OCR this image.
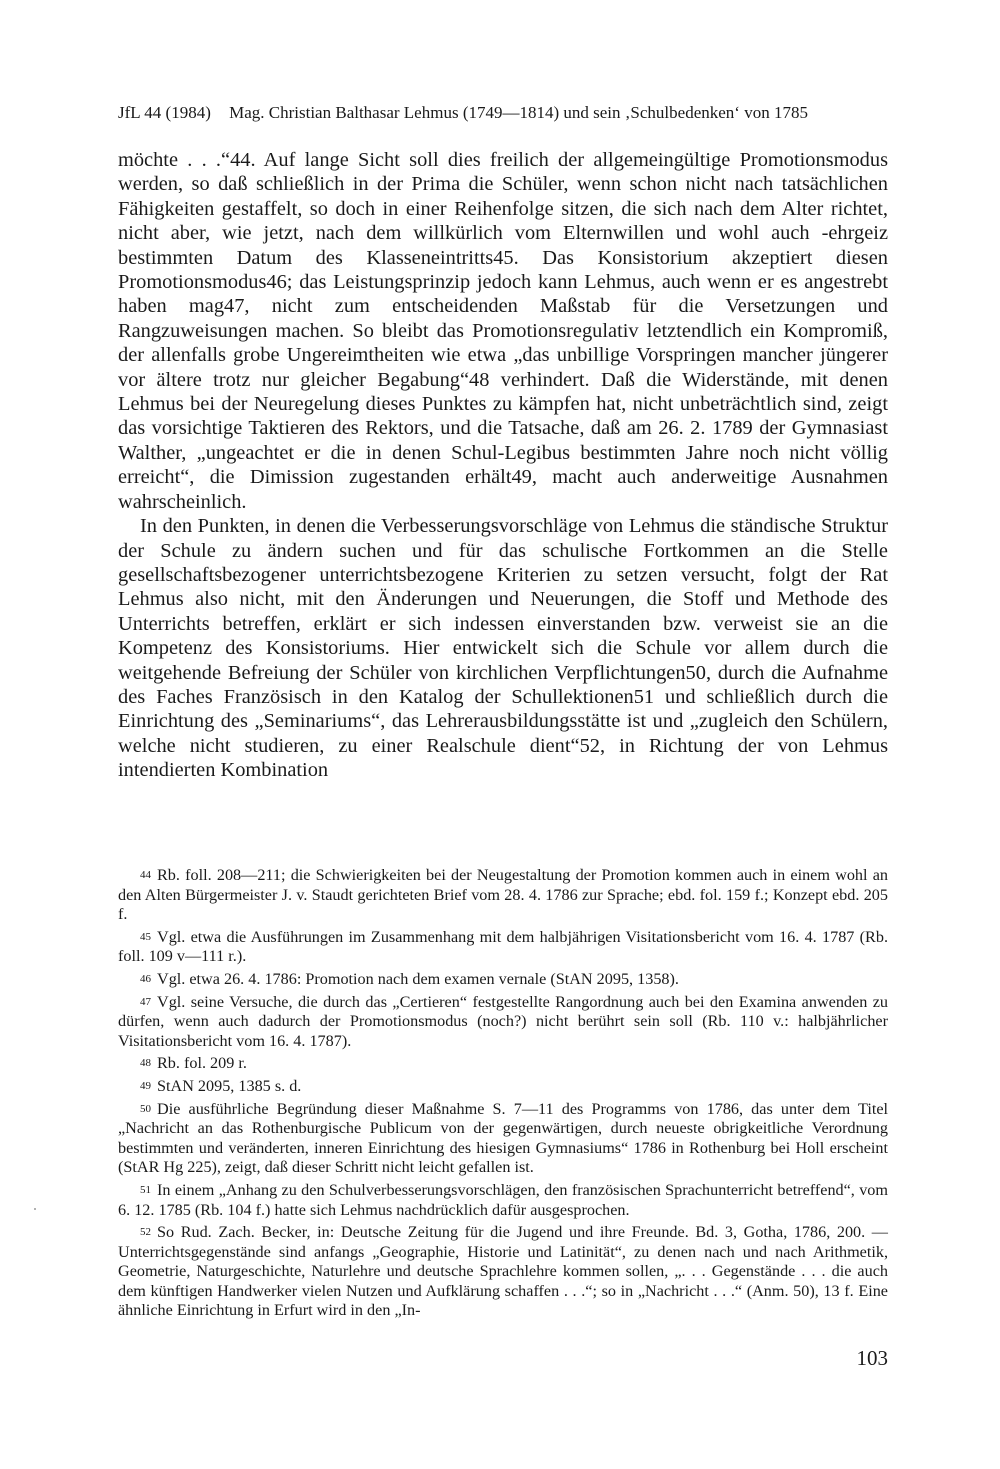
JfL 44 (1984) Mag. Christian Balthasar Lehmus (1749—1814) und sein ‚Schulbedenken‘ von 1785

möchte . . .“44. Auf lange Sicht soll dies freilich der allgemeingültige Promotionsmodus werden, so daß schließlich in der Prima die Schüler, wenn schon nicht nach tatsächlichen Fähigkeiten gestaffelt, so doch in einer Reihenfolge sitzen, die sich nach dem Alter richtet, nicht aber, wie jetzt, nach dem willkürlich vom Elternwillen und wohl auch -ehrgeiz bestimmten Datum des Klasseneintritts45. Das Konsistorium akzeptiert diesen Promotionsmodus46; das Leistungsprinzip jedoch kann Lehmus, auch wenn er es angestrebt haben mag47, nicht zum entscheidenden Maßstab für die Versetzungen und Rangzuweisungen machen. So bleibt das Promotionsregulativ letztendlich ein Kompromiß, der allenfalls grobe Ungereimtheiten wie etwa „das unbillige Vorspringen mancher jüngerer vor ältere trotz nur gleicher Begabung“48 verhindert. Daß die Widerstände, mit denen Lehmus bei der Neuregelung dieses Punktes zu kämpfen hat, nicht unbeträchtlich sind, zeigt das vorsichtige Taktieren des Rektors, und die Tatsache, daß am 26. 2. 1789 der Gymnasiast Walther, „ungeachtet er die in denen Schul-Legibus bestimmten Jahre noch nicht völlig erreicht“, die Dimission zugestanden erhält49, macht auch anderweitige Ausnahmen wahrscheinlich.

In den Punkten, in denen die Verbesserungsvorschläge von Lehmus die ständische Struktur der Schule zu ändern suchen und für das schulische Fortkommen an die Stelle gesellschaftsbezogener unterrichtsbezogene Kriterien zu setzen versucht, folgt der Rat Lehmus also nicht, mit den Änderungen und Neuerungen, die Stoff und Methode des Unterrichts betreffen, erklärt er sich indessen einverstanden bzw. verweist sie an die Kompetenz des Konsistoriums. Hier entwickelt sich die Schule vor allem durch die weitgehende Befreiung der Schüler von kirchlichen Verpflichtungen50, durch die Aufnahme des Faches Französisch in den Katalog der Schullektionen51 und schließlich durch die Einrichtung des „Seminariums“, das Lehrerausbildungsstätte ist und „zugleich den Schülern, welche nicht studieren, zu einer Realschule dient“52, in Richtung der von Lehmus intendierten Kombination

44 Rb. foll. 208—211; die Schwierigkeiten bei der Neugestaltung der Promotion kommen auch in einem wohl an den Alten Bürgermeister J. v. Staudt gerichteten Brief vom 28. 4. 1786 zur Sprache; ebd. fol. 159 f.; Konzept ebd. 205 f.

45 Vgl. etwa die Ausführungen im Zusammenhang mit dem halbjährigen Visitationsbericht vom 16. 4. 1787 (Rb. foll. 109 v—111 r.).

46 Vgl. etwa 26. 4. 1786: Promotion nach dem examen vernale (StAN 2095, 1358).

47 Vgl. seine Versuche, die durch das „Certieren“ festgestellte Rangordnung auch bei den Examina anwenden zu dürfen, wenn auch dadurch der Promotionsmodus (noch?) nicht berührt sein soll (Rb. 110 v.: halbjährlicher Visitationsbericht vom 16. 4. 1787).

48 Rb. fol. 209 r.

49 StAN 2095, 1385 s. d.

50 Die ausführliche Begründung dieser Maßnahme S. 7—11 des Programms von 1786, das unter dem Titel „Nachricht an das Rothenburgische Publicum von der gegenwärtigen, durch neueste obrigkeitliche Verordnung bestimmten und veränderten, inneren Einrichtung des hiesigen Gymnasiums“ 1786 in Rothenburg bei Holl erscheint (StAR Hg 225), zeigt, daß dieser Schritt nicht leicht gefallen ist.

51 In einem „Anhang zu den Schulverbesserungsvorschlägen, den französischen Sprachunterricht betreffend“, vom 6. 12. 1785 (Rb. 104 f.) hatte sich Lehmus nachdrücklich dafür ausgesprochen.

52 So Rud. Zach. Becker, in: Deutsche Zeitung für die Jugend und ihre Freunde. Bd. 3, Gotha, 1786, 200. — Unterrichtsgegenstände sind anfangs „Geographie, Historie und Latinität“, zu denen nach und nach Arithmetik, Geometrie, Naturgeschichte, Naturlehre und deutsche Sprachlehre kommen sollen, „. . . Gegenstände . . . die auch dem künftigen Handwerker vielen Nutzen und Aufklärung schaffen . . .“; so in „Nachricht . . .“ (Anm. 50), 13 f. Eine ähnliche Einrichtung in Erfurt wird in den „In-

103
